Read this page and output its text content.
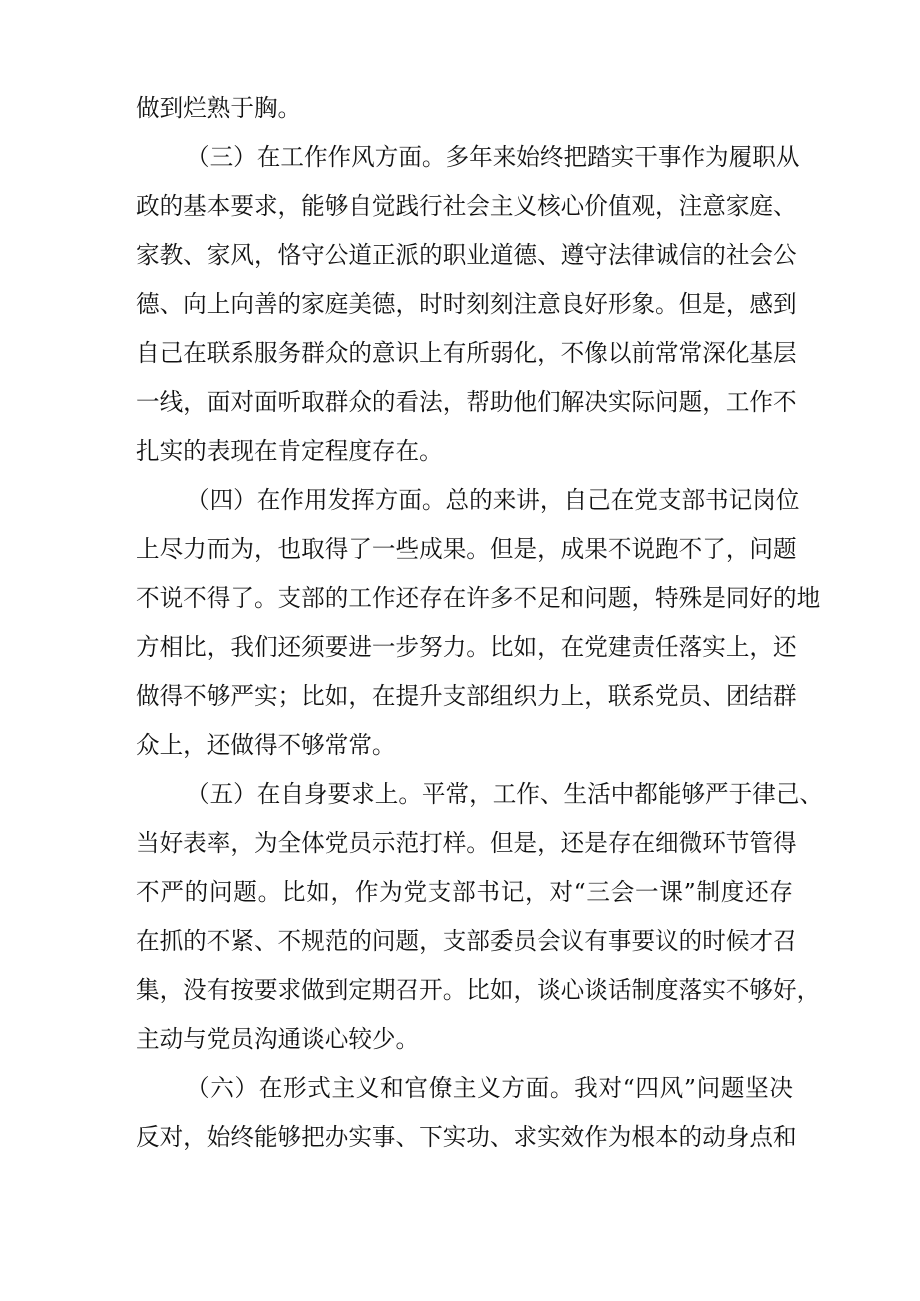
做到烂熟于胸。
（三）在工作作风方面。多年来始终把踏实干事作为履职从
政的基本要求，能够自觉践行社会主义核心价值观，注意家庭、
家教、家风，恪守公道正派的职业道德、遵守法律诚信的社会公
德、向上向善的家庭美德，时时刻刻注意良好形象。但是，感到
自己在联系服务群众的意识上有所弱化，不像以前常常深化基层
一线，面对面听取群众的看法，帮助他们解决实际问题，工作不
扎实的表现在肯定程度存在。
（四）在作用发挥方面。总的来讲，自己在党支部书记岗位
上尽力而为，也取得了一些成果。但是，成果不说跑不了，问题
不说不得了。支部的工作还存在许多不足和问题，特殊是同好的地
方相比，我们还须要进一步努力。比如，在党建责任落实上，还
做得不够严实；比如，在提升支部组织力上，联系党员、团结群
众上，还做得不够常常。
（五）在自身要求上。平常，工作、生活中都能够严于律己、
当好表率，为全体党员示范打样。但是，还是存在细微环节管得
不严的问题。比如，作为党支部书记，对“三会一课”制度还存
在抓的不紧、不规范的问题，支部委员会议有事要议的时候才召
集，没有按要求做到定期召开。比如，谈心谈话制度落实不够好，
主动与党员沟通谈心较少。
（六）在形式主义和官僚主义方面。我对“四风”问题坚决
反对，始终能够把办实事、下实功、求实效作为根本的动身点和
